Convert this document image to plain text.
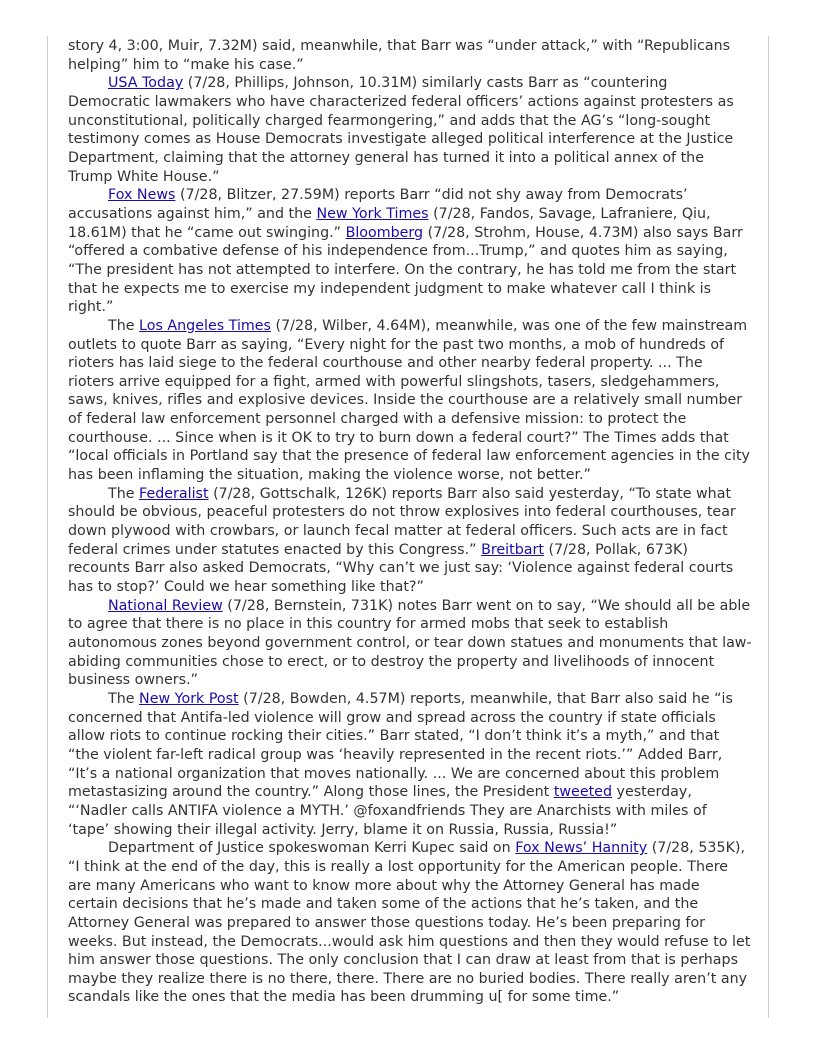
story 4, 3:00, Muir, 7.32M) said, meanwhile, that Barr was “under attack,” with “Republicans helping” him to “make his case.”

USA Today (7/28, Phillips, Johnson, 10.31M) similarly casts Barr as “countering Democratic lawmakers who have characterized federal officers’ actions against protesters as unconstitutional, politically charged fearmongering,” and adds that the AG’s “long-sought testimony comes as House Democrats investigate alleged political interference at the Justice Department, claiming that the attorney general has turned it into a political annex of the Trump White House.”

Fox News (7/28, Blitzer, 27.59M) reports Barr “did not shy away from Democrats’ accusations against him,” and the New York Times (7/28, Fandos, Savage, Lafraniere, Qiu, 18.61M) that he “came out swinging.” Bloomberg (7/28, Strohm, House, 4.73M) also says Barr “offered a combative defense of his independence from...Trump,” and quotes him as saying, “The president has not attempted to interfere. On the contrary, he has told me from the start that he expects me to exercise my independent judgment to make whatever call I think is right.”

The Los Angeles Times (7/28, Wilber, 4.64M), meanwhile, was one of the few mainstream outlets to quote Barr as saying, “Every night for the past two months, a mob of hundreds of rioters has laid siege to the federal courthouse and other nearby federal property. ... The rioters arrive equipped for a fight, armed with powerful slingshots, tasers, sledgehammers, saws, knives, rifles and explosive devices. Inside the courthouse are a relatively small number of federal law enforcement personnel charged with a defensive mission: to protect the courthouse. ... Since when is it OK to try to burn down a federal court?” The Times adds that “local officials in Portland say that the presence of federal law enforcement agencies in the city has been inflaming the situation, making the violence worse, not better.”

The Federalist (7/28, Gottschalk, 126K) reports Barr also said yesterday, “To state what should be obvious, peaceful protesters do not throw explosives into federal courthouses, tear down plywood with crowbars, or launch fecal matter at federal officers. Such acts are in fact federal crimes under statutes enacted by this Congress.” Breitbart (7/28, Pollak, 673K) recounts Barr also asked Democrats, “Why can’t we just say: ‘Violence against federal courts has to stop?’ Could we hear something like that?”

National Review (7/28, Bernstein, 731K) notes Barr went on to say, “We should all be able to agree that there is no place in this country for armed mobs that seek to establish autonomous zones beyond government control, or tear down statues and monuments that law-abiding communities chose to erect, or to destroy the property and livelihoods of innocent business owners.”

The New York Post (7/28, Bowden, 4.57M) reports, meanwhile, that Barr also said he “is concerned that Antifa-led violence will grow and spread across the country if state officials allow riots to continue rocking their cities.” Barr stated, “I don’t think it’s a myth,” and that “the violent far-left radical group was ‘heavily represented in the recent riots.’” Added Barr, “It’s a national organization that moves nationally. ... We are concerned about this problem metastasizing around the country.” Along those lines, the President tweeted yesterday, “‘Nadler calls ANTIFA violence a MYTH.’ @foxandfriends They are Anarchists with miles of ‘tape’ showing their illegal activity. Jerry, blame it on Russia, Russia, Russia!”

Department of Justice spokeswoman Kerri Kupec said on Fox News’ Hannity (7/28, 535K), “I think at the end of the day, this is really a lost opportunity for the American people. There are many Americans who want to know more about why the Attorney General has made certain decisions that he’s made and taken some of the actions that he’s taken, and the Attorney General was prepared to answer those questions today. He’s been preparing for weeks. But instead, the Democrats...would ask him questions and then they would refuse to let him answer those questions. The only conclusion that I can draw at least from that is perhaps maybe they realize there is no there, there. There are no buried bodies. There really aren’t any scandals like the ones that the media has been drumming u[ for some time.”
